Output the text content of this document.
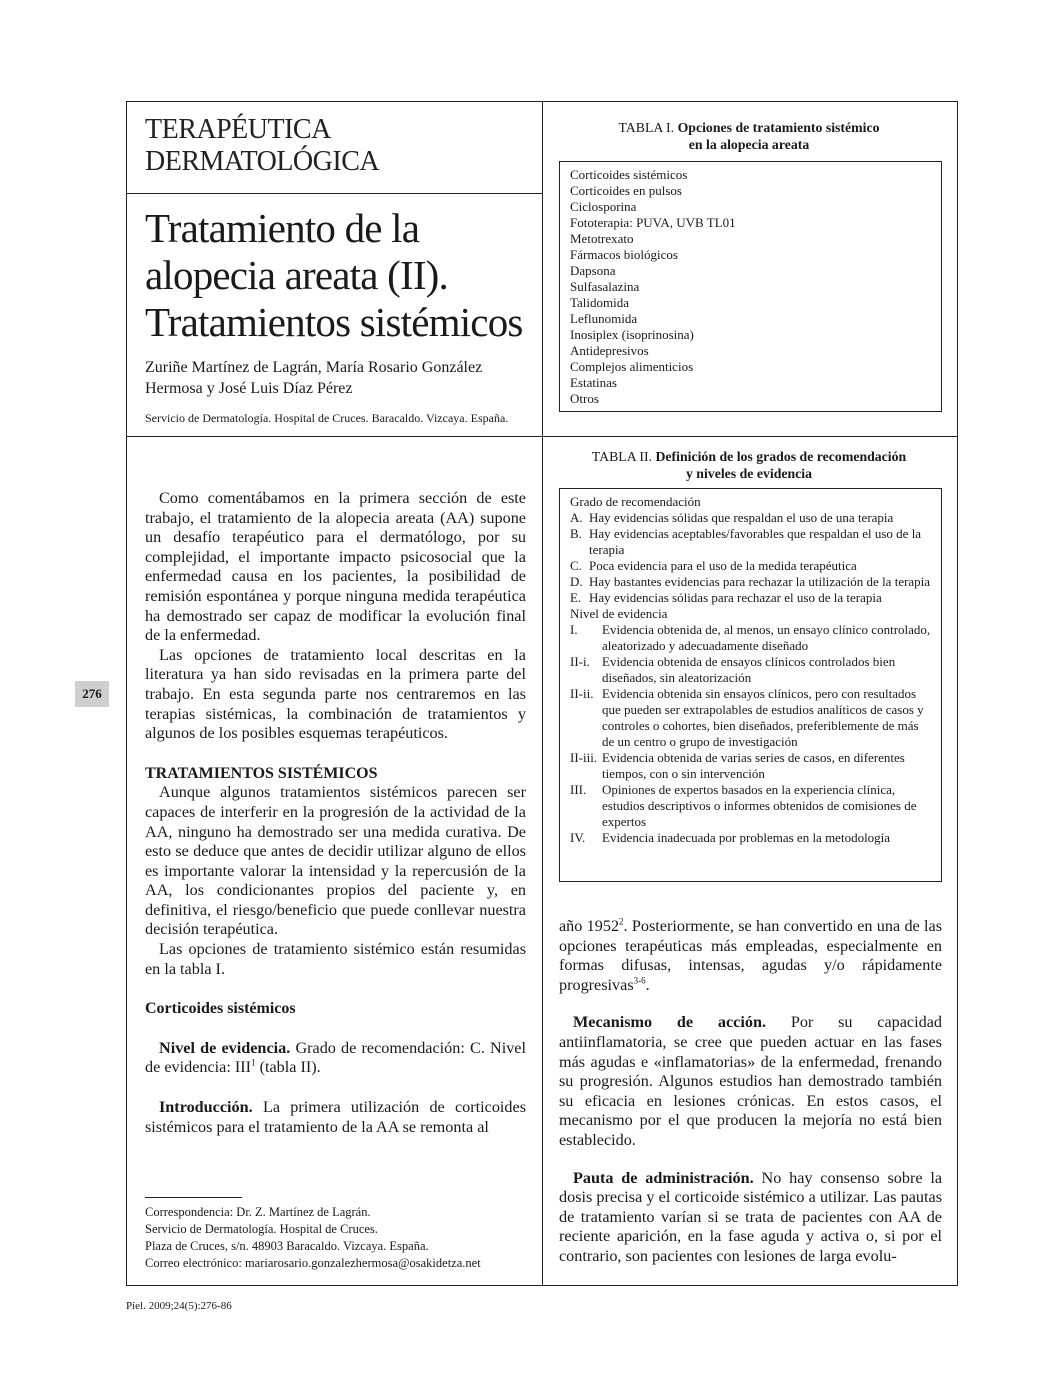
TERAPÉUTICA
DERMATOLÓGICA
Tratamiento de la
alopecia areata (II).
Tratamientos sistémicos
Zuriñe Martínez de Lagrán, María Rosario González
Hermosa y José Luis Díaz Pérez
Servicio de Dermatología. Hospital de Cruces. Baracaldo. Vizcaya. España.
276

Como comentábamos en la primera sección de este trabajo, el tratamiento de la alopecia areata (AA) supone un desafío terapéutico para el dermatólogo, por su complejidad, el importante impacto psicosocial que la enfermedad causa en los pacientes, la posibilidad de remisión espontánea y porque ninguna medida terapéutica ha demostrado ser capaz de modificar la evolución final de la enfermedad.

Las opciones de tratamiento local descritas en la literatura ya han sido revisadas en la primera parte del trabajo. En esta segunda parte nos centraremos en las terapias sistémicas, la combinación de tratamientos y algunos de los posibles esquemas terapéuticos.

TRATAMIENTOS SISTÉMICOS

Aunque algunos tratamientos sistémicos parecen ser capaces de interferir en la progresión de la actividad de la AA, ninguno ha demostrado ser una medida curativa. De esto se deduce que antes de decidir utilizar alguno de ellos es importante valorar la intensidad y la repercusión de la AA, los condicionantes propios del paciente y, en definitiva, el riesgo/beneficio que puede conllevar nuestra decisión terapéutica.

Las opciones de tratamiento sistémico están resumidas en la tabla I.

Corticoides sistémicos

Nivel de evidencia. Grado de recomendación: C. Nivel de evidencia: III$^1$ (tabla II).

Introducción. La primera utilización de corticoides sistémicos para el tratamiento de la AA se remonta al

Correspondencia: Dr. Z. Martínez de Lagrán.
Servicio de Dermatología. Hospital de Cruces.
Plaza de Cruces, s/n. 48903 Baracaldo. Vizcaya. España.
Correo electrónico: mariarosario.gonzalezhermosa@osakidetza.net
Piel. 2009;24(5):276-86
TABLA I. Opciones de tratamiento sistémico
en la alopecia areata
Corticoides sistémicos
Corticoides en pulsos
Ciclosporina
Fototerapia: PUVA, UVB TL01
Metotrexato
Fármacos biológicos
Dapsona
Sulfasalazina
Talidomida
Leflunomida
Inosiplex (isoprinosina)
Antidepresivos
Complejos alimenticios
Estatinas
Otros
TABLA II. Definición de los grados de recomendación
y niveles de evidencia
Grado de recomendación
A. Hay evidencias sólidas que respaldan el uso de una terapia
B. Hay evidencias aceptables/favorables que respaldan el uso de la terapia
C. Poca evidencia para el uso de la medida terapéutica
D. Hay bastantes evidencias para rechazar la utilización de la terapia
E. Hay evidencias sólidas para rechazar el uso de la terapia
Nivel de evidencia
I.	Evidencia obtenida de, al menos, un ensayo clínico controlado, aleatorizado y adecuadamente diseñado
II-i. Evidencia obtenida de ensayos clínicos controlados bien diseñados, sin aleatorización
II-ii. Evidencia obtenida sin ensayos clínicos, pero con resultados que pueden ser extrapolables de estudios analíticos de casos y controles o cohortes, bien diseñados, preferiblemente de más de un centro o grupo de investigación
II-iii. Evidencia obtenida de varias series de casos, en diferentes tiempos, con o sin intervención
III.	Opiniones de expertos basados en la experiencia clínica, estudios descriptivos o informes obtenidos de comisiones de expertos
IV.	Evidencia inadecuada por problemas en la metodología

año 1952$^2$. Posteriormente, se han convertido en una de las opciones terapéuticas más empleadas, especialmente en formas difusas, intensas, agudas y/o rápidamente progresivas$^{3-6}$.

Mecanismo de acción. Por su capacidad antiinflamatoria, se cree que pueden actuar en las fases más agudas e «inflamatorias» de la enfermedad, frenando su progresión. Algunos estudios han demostrado también su eficacia en lesiones crónicas. En estos casos, el mecanismo por el que producen la mejoría no está bien establecido.

Pauta de administración. No hay consenso sobre la dosis precisa y el corticoide sistémico a utilizar. Las pautas de tratamiento varían si se trata de pacientes con AA de reciente aparición, en la fase aguda y activa o, si por el contrario, son pacientes con lesiones de larga evolu-
